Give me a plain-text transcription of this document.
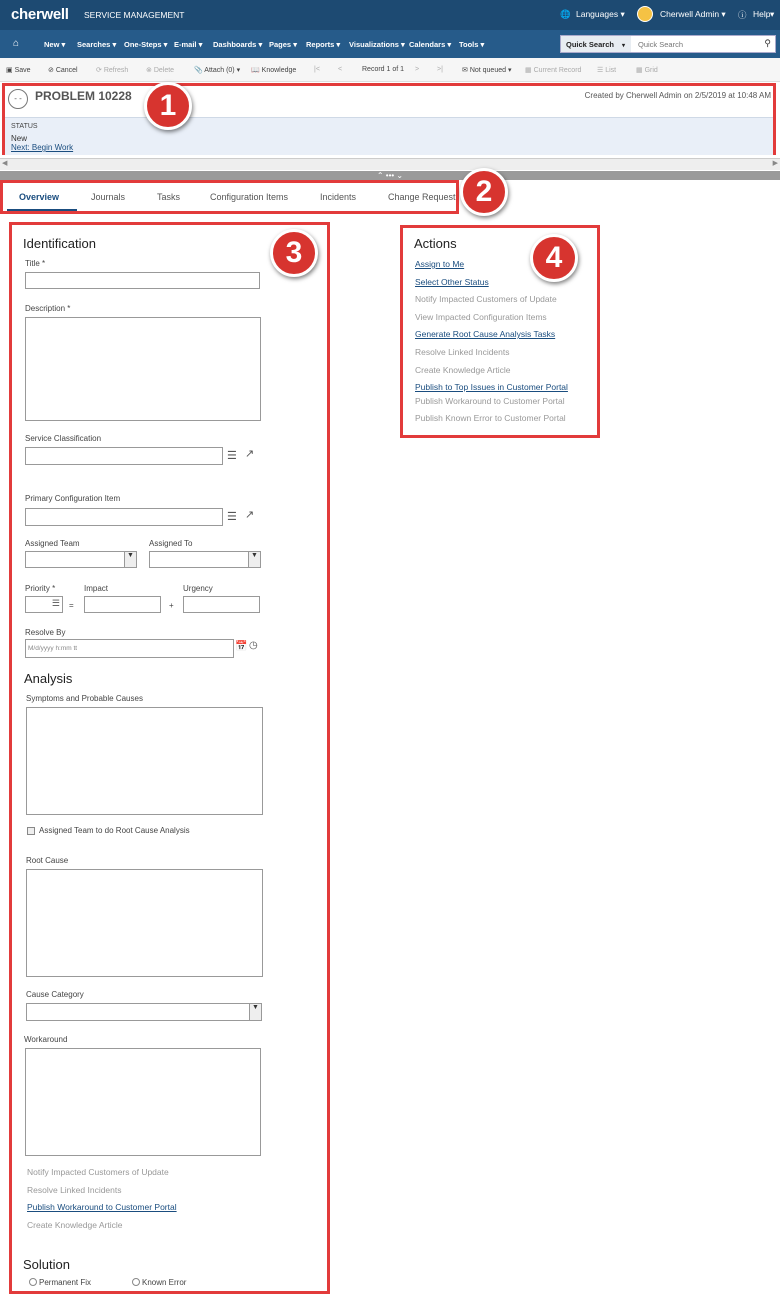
cherwell SERVICE MANAGEMENT	🌐 Languages ▾	Cherwell Admin ▾ ⓘ Help ▾
⌂	New ▾ Searches ▾ One-Steps ▾ E-mail ▾ Dashboards ▾ Pages ▾ Reports ▾ Visualizations ▾ Calendars ▾ Tools ▾	Quick Search ▾
Quick Search	⚲
▣ Save ⊘ Cancel	⟳ Refresh	⊗ Delete	📎 Attach (0) ▾ 📖 Knowledge	|<	<	Record 1 of 1 >	>|	✉ Not queued ▾ ▦ Current Record ☰ List	▦ Grid
- -	PROBLEM 10228	Created by Cherwell Admin on 2/5/2019 at 10:48 AM
STATUS
New
Next: Begin Work
◀	▶
⌃ ••• ⌄
Overview	Journals	Tasks	Configuration Items	Incidents	Change Request
Identification
Title *
Description *
Service Classification
☰ ↗
Primary Configuration Item
☰ ↗
Assigned Team
▼
Assigned To
▼
Priority *
☰ =
Impact
+
Urgency
Resolve By
M/d/yyyy h:mm tt	📅 ◷
Analysis
Symptoms and Probable Causes
Assigned Team to do Root Cause Analysis
Root Cause
Cause Category
▼
Workaround
Notify Impacted Customers of Update
Resolve Linked Incidents
Publish Workaround to Customer Portal
Create Knowledge Article
Solution
Permanent Fix	Known Error
Actions
Assign to Me
Select Other Status
Notify Impacted Customers of Update
View Impacted Configuration Items
Generate Root Cause Analysis Tasks
Resolve Linked Incidents
Create Knowledge Article
Publish to Top Issues in Customer Portal
Publish Workaround to Customer Portal
Publish Known Error to Customer Portal
1
2
3	4
